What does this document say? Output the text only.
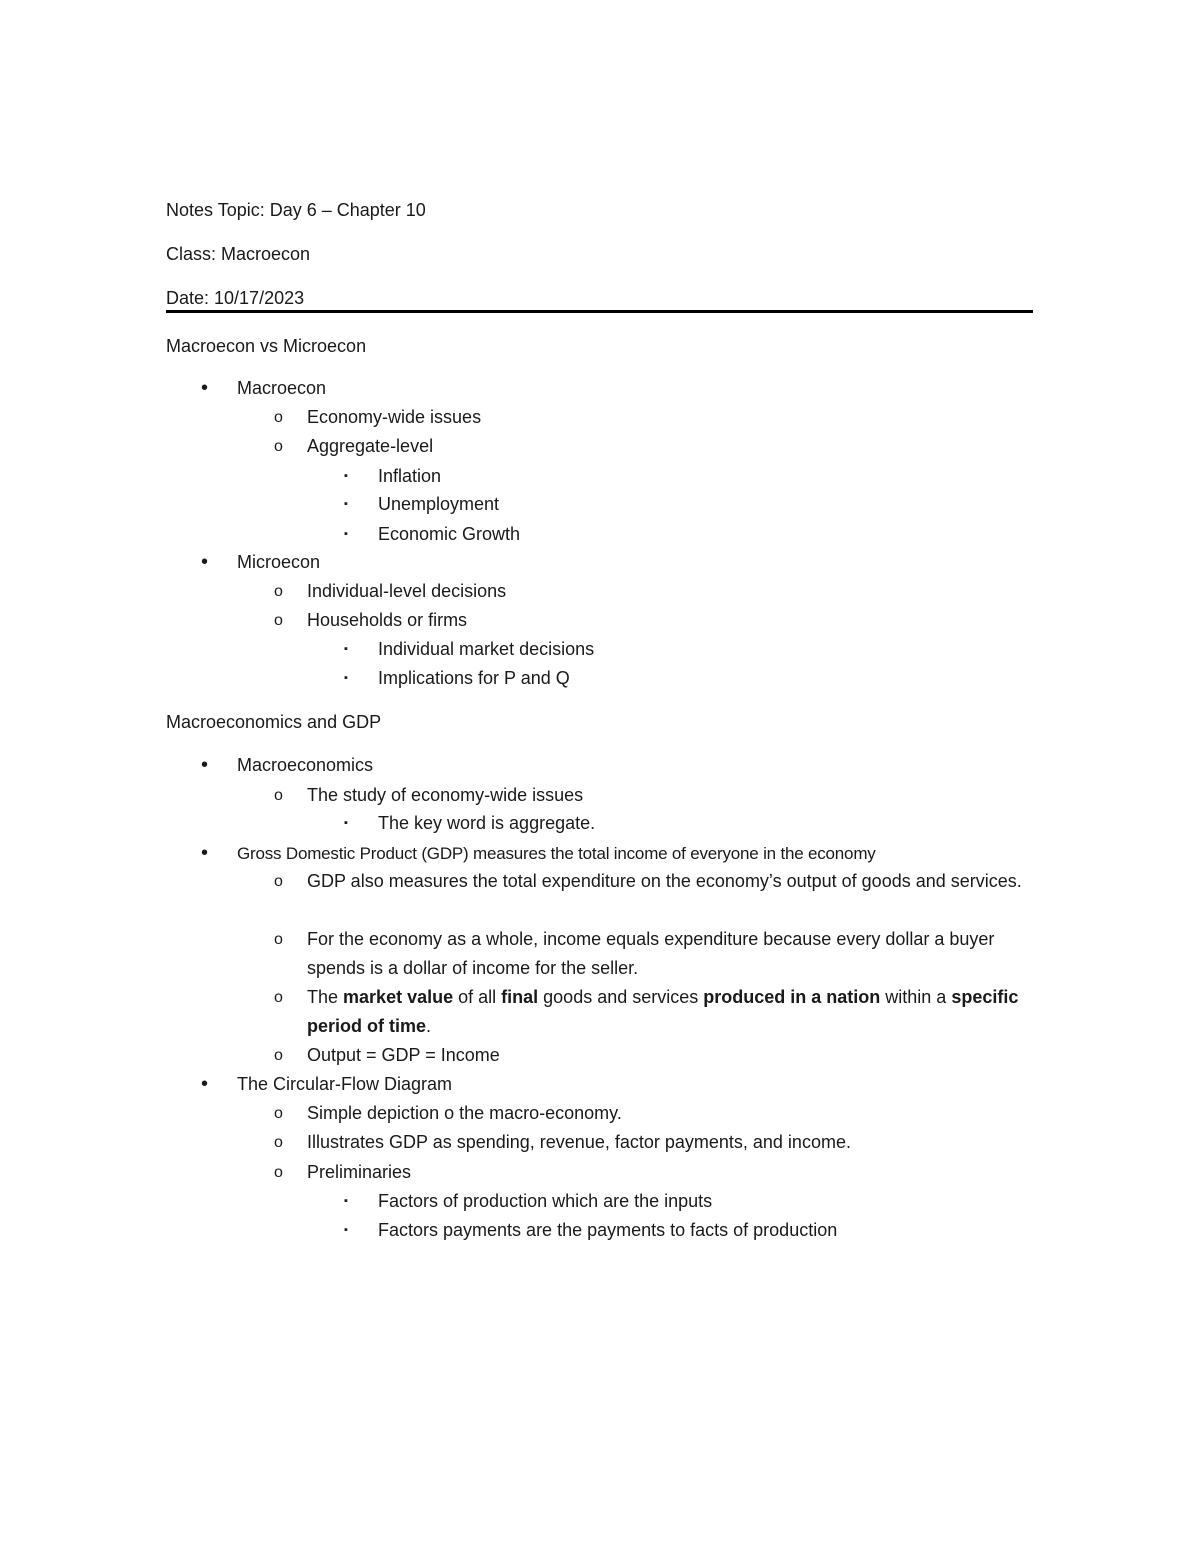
Notes Topic: Day 6 – Chapter 10
Class: Macroecon
Date: 10/17/2023
Macroecon vs Microecon
• Macroecon
o Economy-wide issues
o Aggregate-level
▪ Inflation
▪ Unemployment
▪ Economic Growth
• Microecon
o Individual-level decisions
o Households or firms
▪ Individual market decisions
▪ Implications for P and Q
Macroeconomics and GDP
• Macroeconomics
o The study of economy-wide issues
▪ The key word is aggregate.
• Gross Domestic Product (GDP) measures the total income of everyone in the economy
o GDP also measures the total expenditure on the economy’s output of goods and services.
o For the economy as a whole, income equals expenditure because every dollar a buyer spends is a dollar of income for the seller.
o The market value of all final goods and services produced in a nation within a specific period of time.
o Output = GDP = Income
• The Circular-Flow Diagram
o Simple depiction o the macro-economy.
o Illustrates GDP as spending, revenue, factor payments, and income.
o Preliminaries
▪ Factors of production which are the inputs
▪ Factors payments are the payments to facts of production
